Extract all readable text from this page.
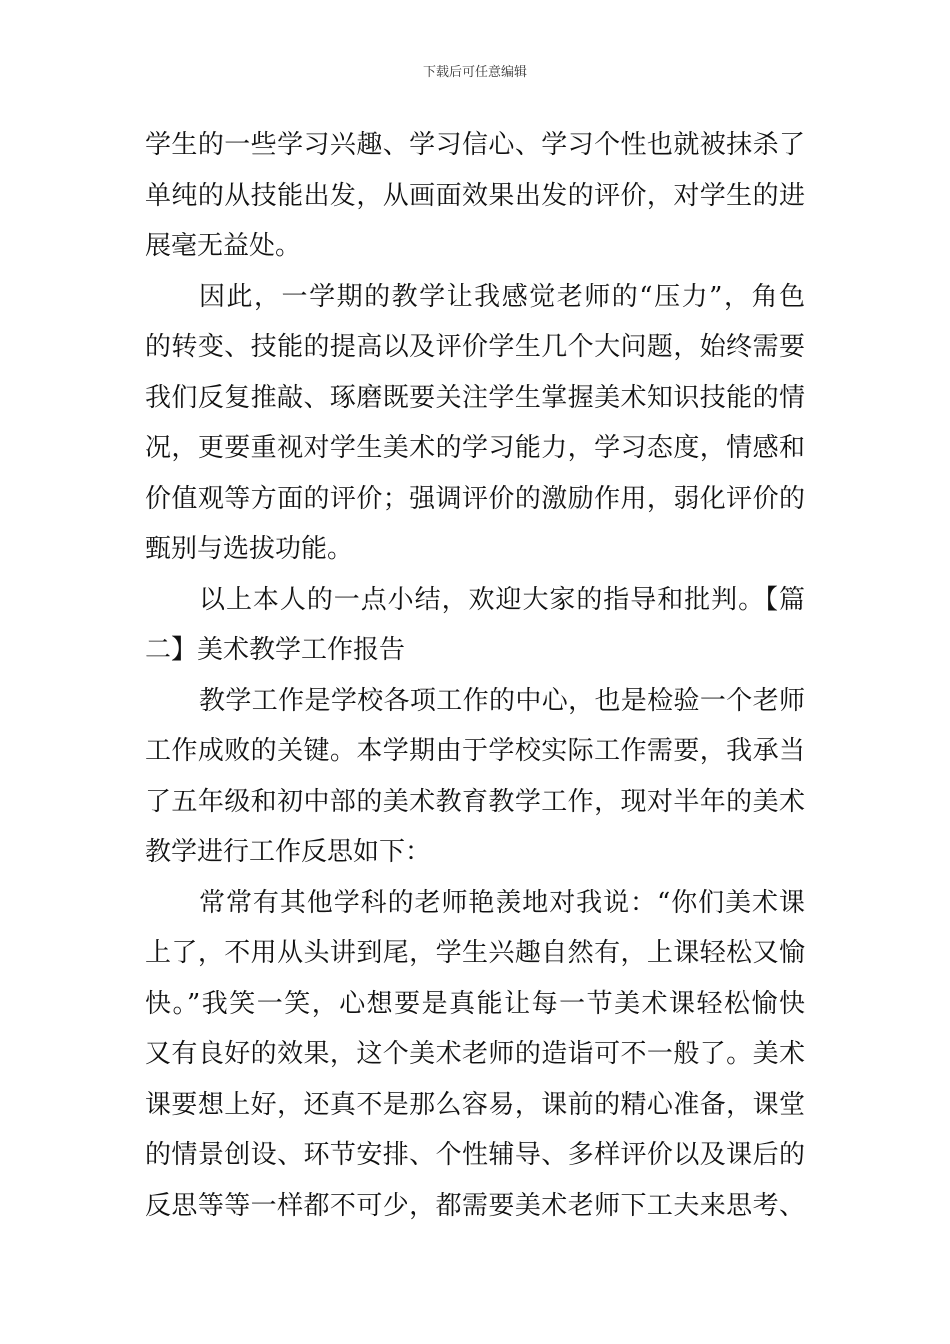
下载后可任意编辑
学生的一些学习兴趣、学习信心、学习个性也就被抹杀了
单纯的从技能出发，从画面效果出发的评价，对学生的进
展毫无益处。
因此，一学期的教学让我感觉老师的“压力”，角色
的转变、技能的提高以及评价学生几个大问题，始终需要
我们反复推敲、琢磨既要关注学生掌握美术知识技能的情
况，更要重视对学生美术的学习能力，学习态度，情感和
价值观等方面的评价；强调评价的激励作用，弱化评价的
甄别与选拔功能。
以上本人的一点小结，欢迎大家的指导和批判。【篇
二】美术教学工作报告
教学工作是学校各项工作的中心，也是检验一个老师
工作成败的关键。本学期由于学校实际工作需要，我承当
了五年级和初中部的美术教育教学工作，现对半年的美术
教学进行工作反思如下：
常常有其他学科的老师艳羡地对我说：“你们美术课
上了，不用从头讲到尾，学生兴趣自然有，上课轻松又愉
快。”我笑一笑，心想要是真能让每一节美术课轻松愉快
又有良好的效果，这个美术老师的造诣可不一般了。美术
课要想上好，还真不是那么容易，课前的精心准备，课堂
的情景创设、环节安排、个性辅导、多样评价以及课后的
反思等等一样都不可少，都需要美术老师下工夫来思考、
